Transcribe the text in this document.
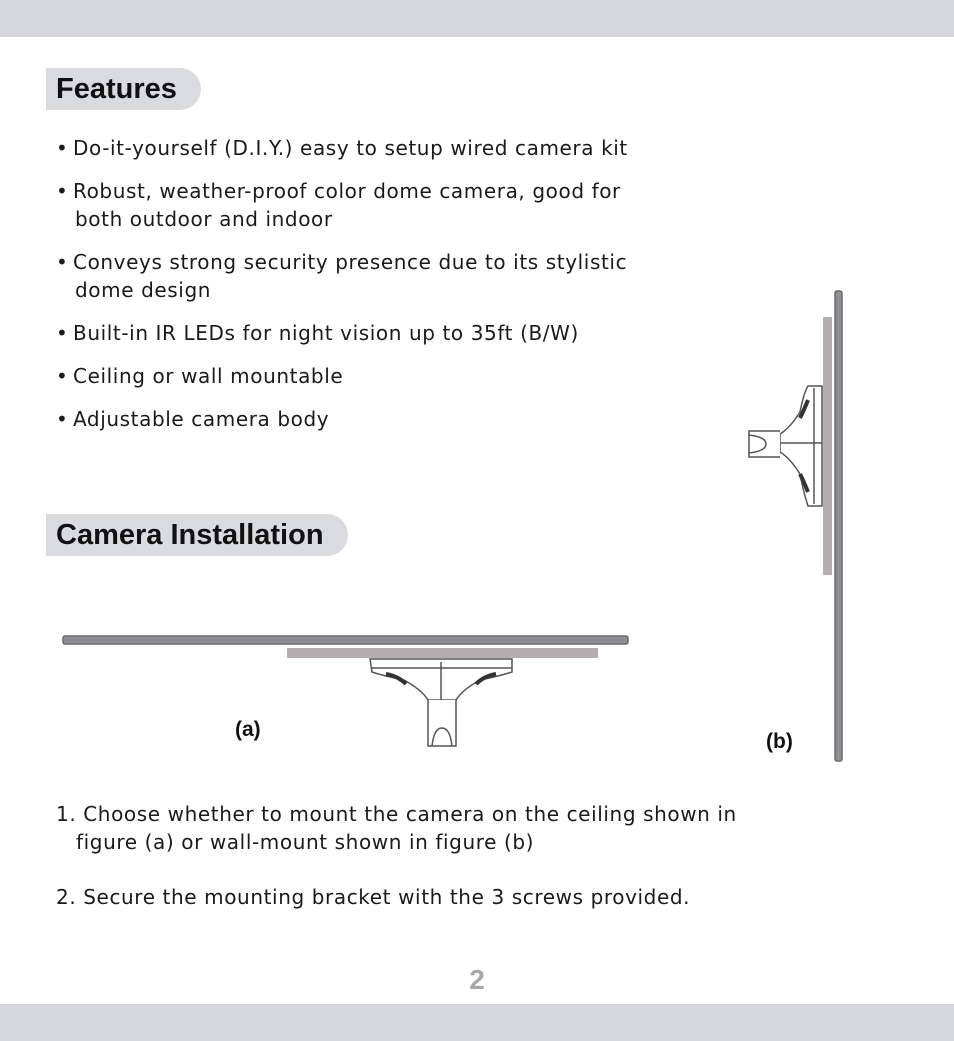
Features
• Do-it-yourself (D.I.Y.) easy to setup wired camera kit
• Robust, weather-proof color dome camera, good for
both outdoor and indoor
• Conveys strong security presence due to its stylistic
dome design
• Built-in IR LEDs for night vision up to 35ft (B/W)
• Ceiling or wall mountable
• Adjustable camera body
Camera Installation
(a)
(b)
1. Choose whether to mount the camera on the ceiling shown in
figure (a) or wall-mount shown in figure (b)
2. Secure the mounting bracket with the 3 screws provided.
2
